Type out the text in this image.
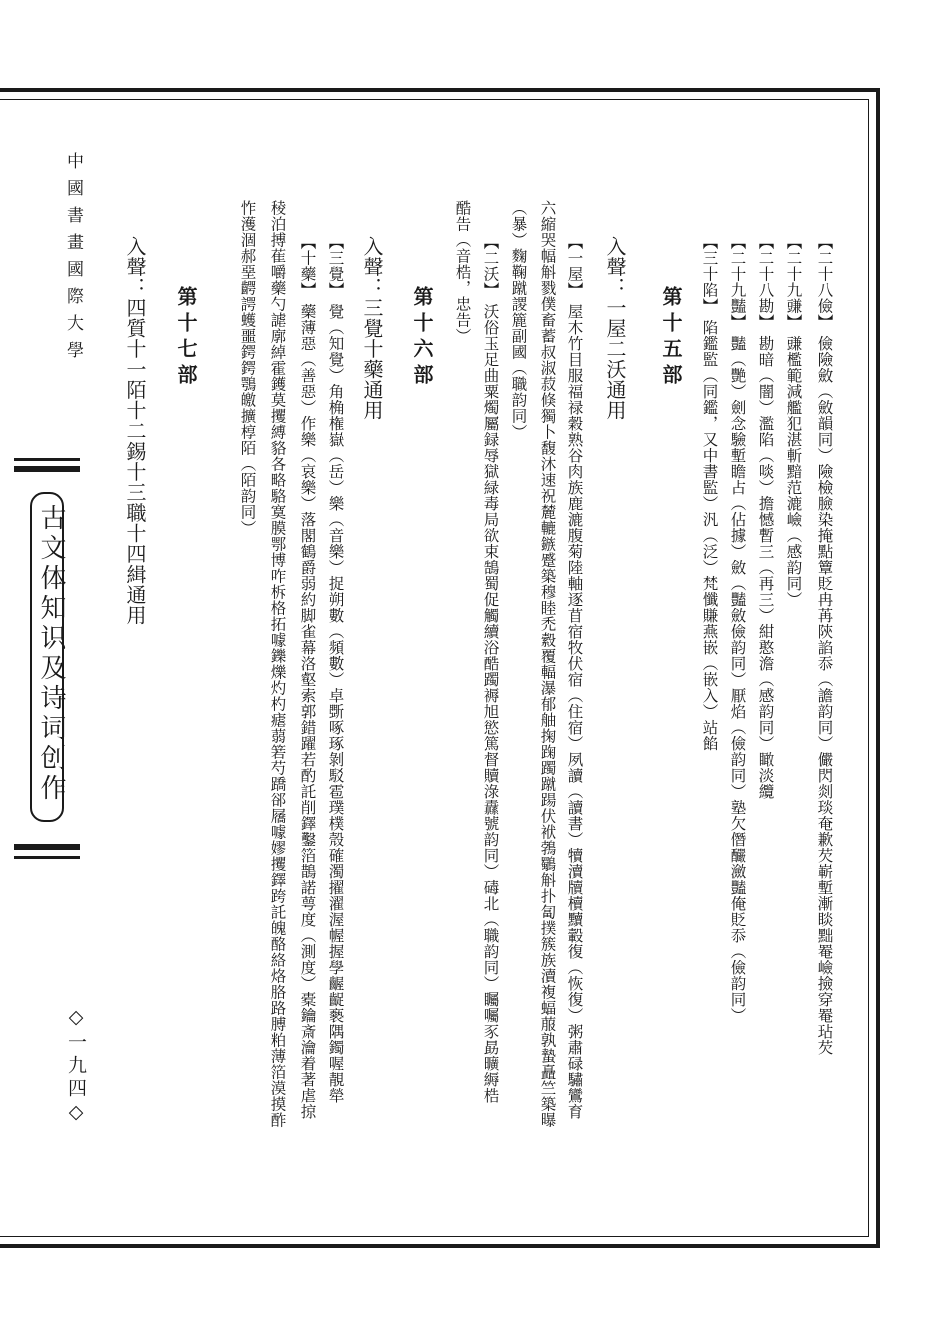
【二十八儉】 儉險斂（斂韻同）險檢臉染掩點簟貶冉苒陝諂忝（譫韵同）儼閃剡琰奄歉芡嶄塹漸睒黜罨嶮撿穿罨玷芡
【二十九豏】 豏檻範減艦犯湛斬黯范漉嶮（感韵同）
【二十八勘】 勘暗（闇）濫陷（啖）擔憾暫三（再三）紺憨澹（感韵同）瞰淡纜
【二十九豔】 豔（艷）劍念驗塹瞻占（佔據）斂（豔斂儉韵同）厭焰（儉韵同）塾欠僭釅瀲豔俺貶忝（儉韵同）
【三十陷】 陷鑑監（同鑑，又中書監）汎（泛）梵懺賺燕嵌（嵌入）站餡
第十五部
入聲：一屋二沃通用
【一屋】 屋木竹目服福禄穀熟谷肉族鹿漉腹菊陸軸逐苜宿牧伏宿（住宿）夙讀（讀書）犢瀆牘櫝黷轂復（恢復）粥肅碌驌鸞育
六縮哭幅斛戮僕畜蓄叔淑菽倏獨卜馥沐速祝麓轆鏃蹙築穆睦禿縠覆輻瀑郁舳掬踘躅蹴踼伏袱鵓鸀斛扑匐撲簇族瀆複蝠菔孰蟄矗竺築曝
（暴）麴鞠蹴謖簏副國（職韵同）
【二沃】 沃俗玉足曲粟燭屬録辱獄緑毒局欲束鵠蜀促觸續浴酷躅褥旭慾篤督贖淥纛號韵同）碡北（職韵同）矚囑豕勗曠縟梏
酷告（音梏，忠告）
第十六部
入聲：三覺十藥通用
【三覺】 覺（知覺）角桷権嶽（岳）樂（音樂）捉朔數（頻數）卓斲啄琢剝駁雹璞樸殼確濁擢濯渥幄握學齷齪褻隅鐲喔靚犖
【十藥】 藥薄惡（善惡）作樂（哀樂）落閣鶴爵弱約脚雀幕洛壑索郭錯躍若酌託削鐸鑿箔鵲諾萼度（測度）橐鑰斎瀹着著虐掠
稜泊搏萑嚼藥勺謔廓綽霍鑊莫攫縛貉各略駱寞膜鄂博咋柝格拓噱鑠爍灼杓瘧蒻箬芍蹻郤屩噱嫪攫鐸跨託魄酪絡烙胳路膊粕薄箔漠摸酢
怍濩涸郝堊齶諤蠖噩鍔鍔鶚皦擴椁陌（陌韵同）
第十七部
入聲：四質十一陌十二錫十三職十四緝通用
中國書畫國際大學
古文体知识及诗词创作
◇一九四◇
